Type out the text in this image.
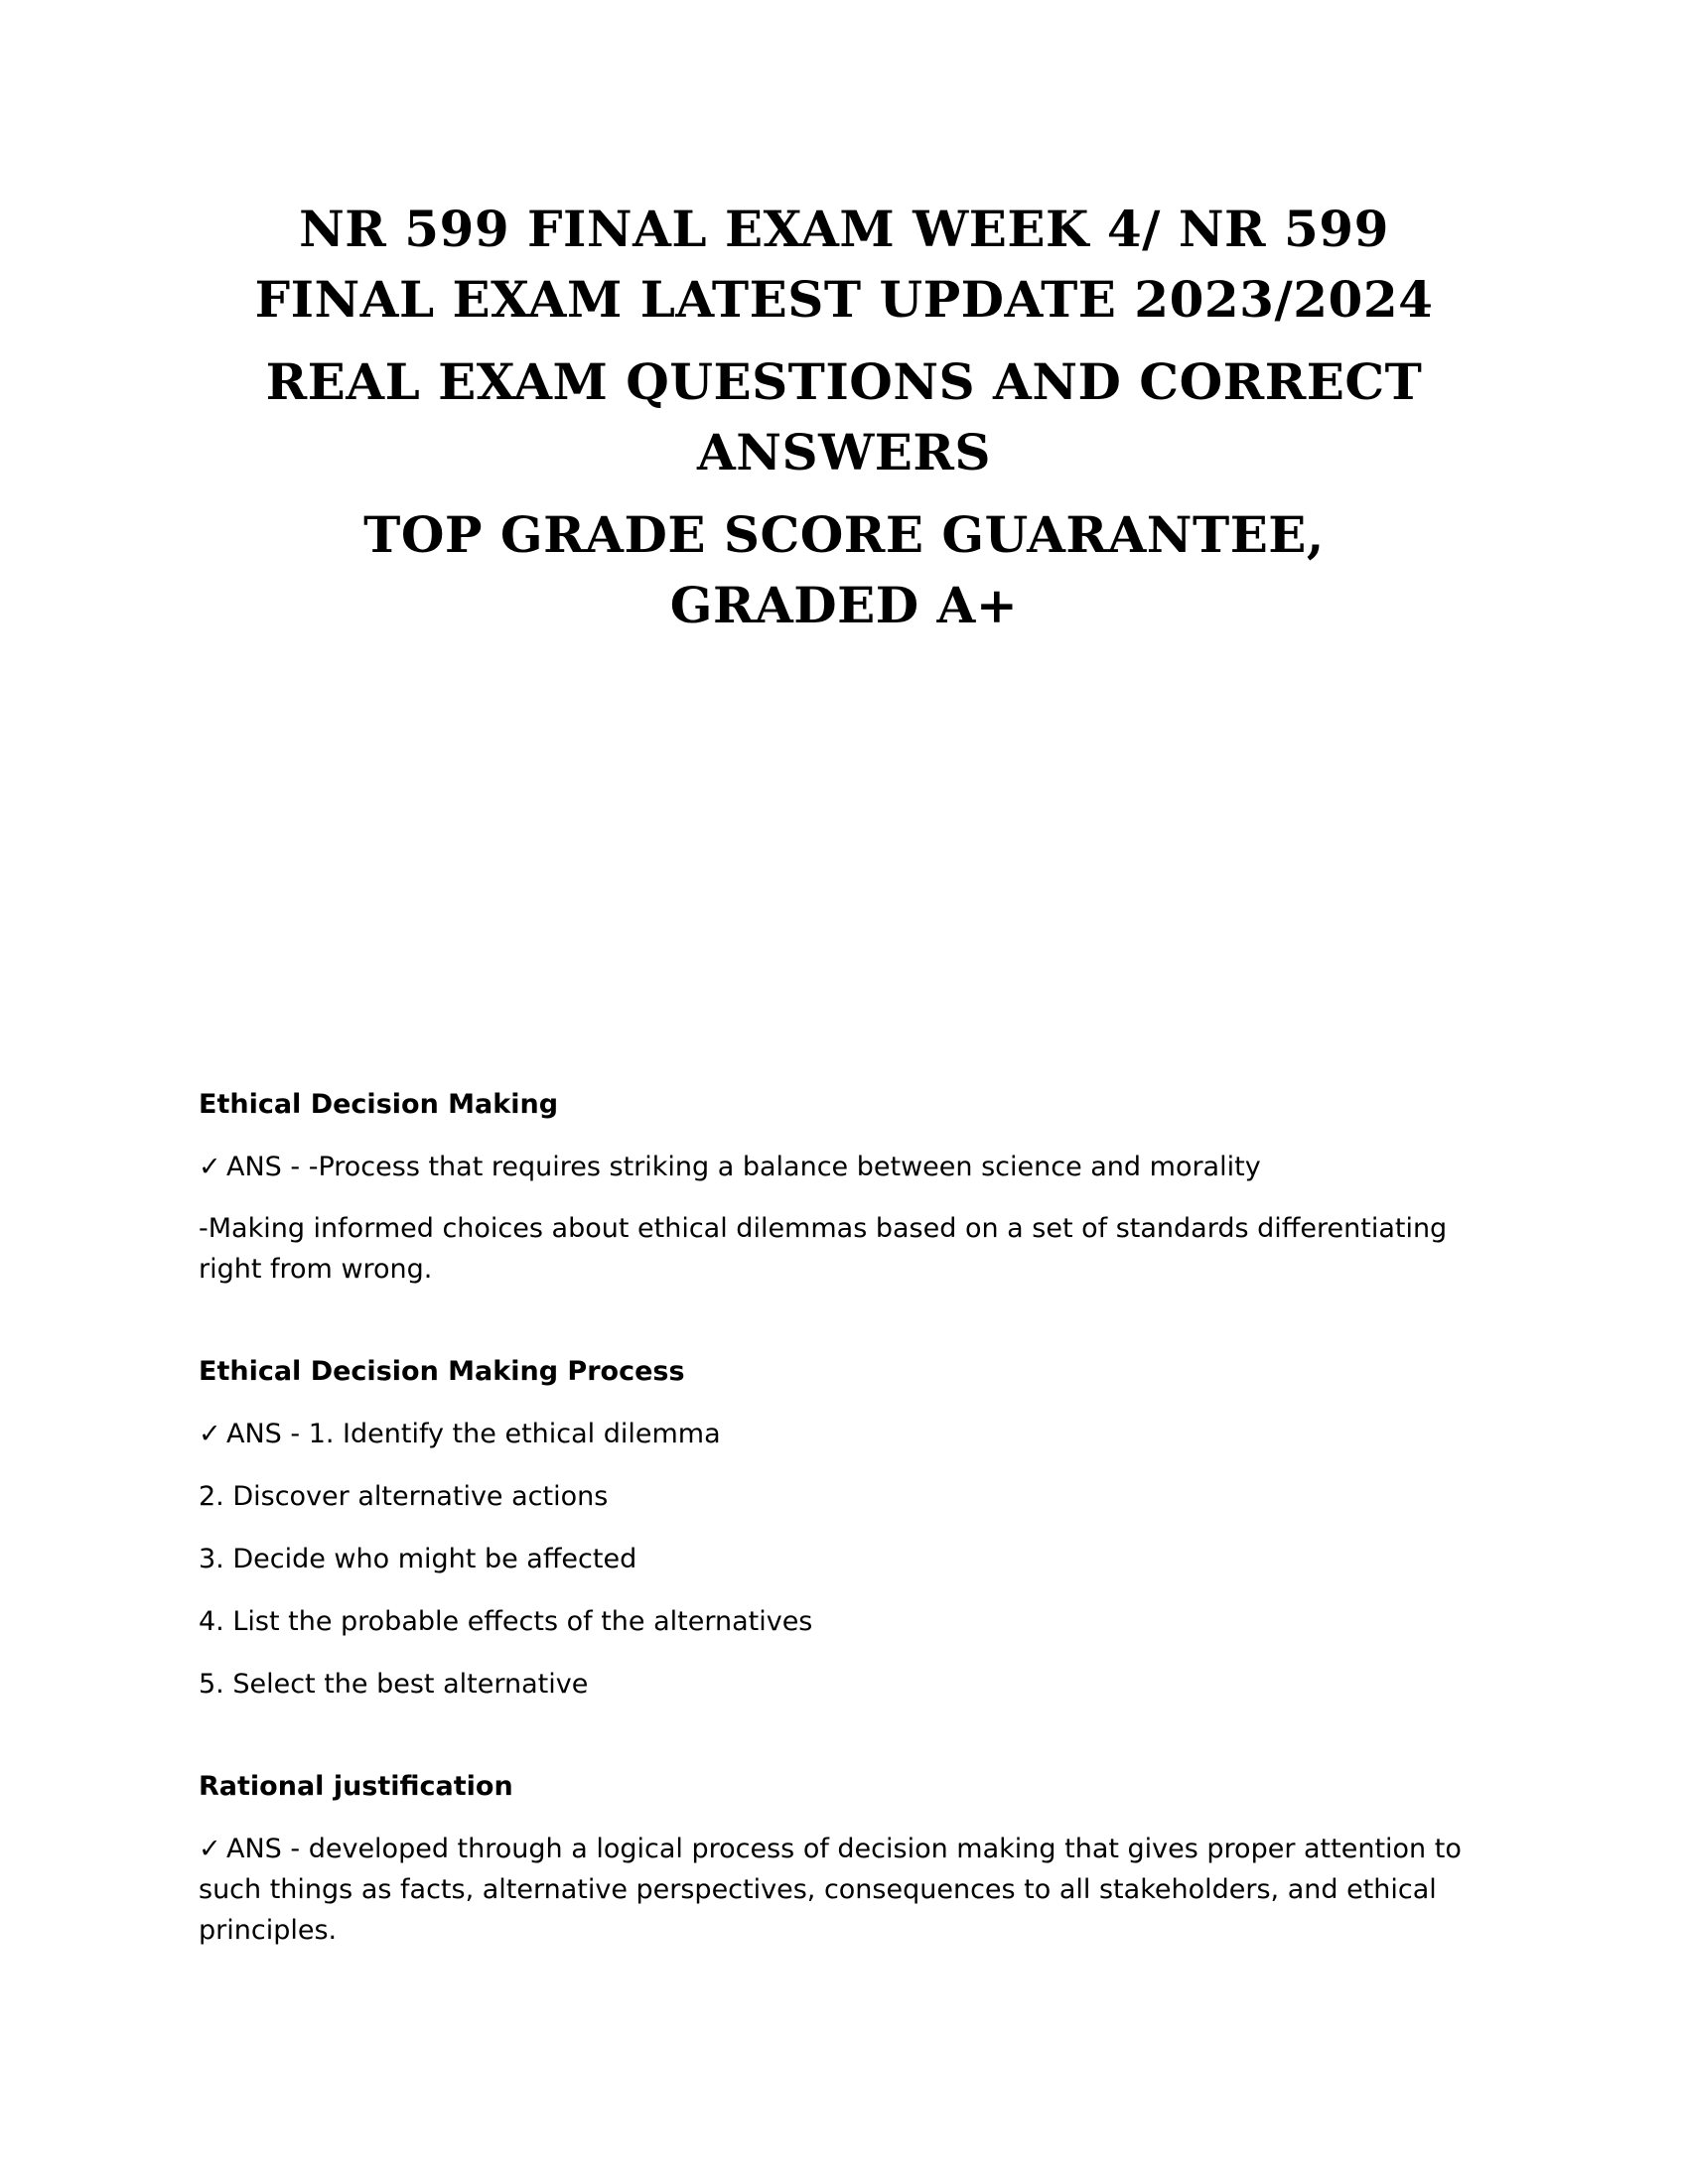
NR 599 FINAL EXAM WEEK 4/ NR 599

FINAL EXAM LATEST UPDATE 2023/2024

REAL EXAM QUESTIONS AND CORRECT

ANSWERS

TOP GRADE SCORE GUARANTEE,

GRADED A+

Ethical Decision Making

✓ ANS - -Process that requires striking a balance between science and morality

-Making informed choices about ethical dilemmas based on a set of standards differentiating right from wrong.

Ethical Decision Making Process

✓ ANS - 1. Identify the ethical dilemma

2. Discover alternative actions

3. Decide who might be affected

4. List the probable effects of the alternatives

5. Select the best alternative

Rational justification

✓ ANS - developed through a logical process of decision making that gives proper attention to such things as facts, alternative perspectives, consequences to all stakeholders, and ethical principles.
